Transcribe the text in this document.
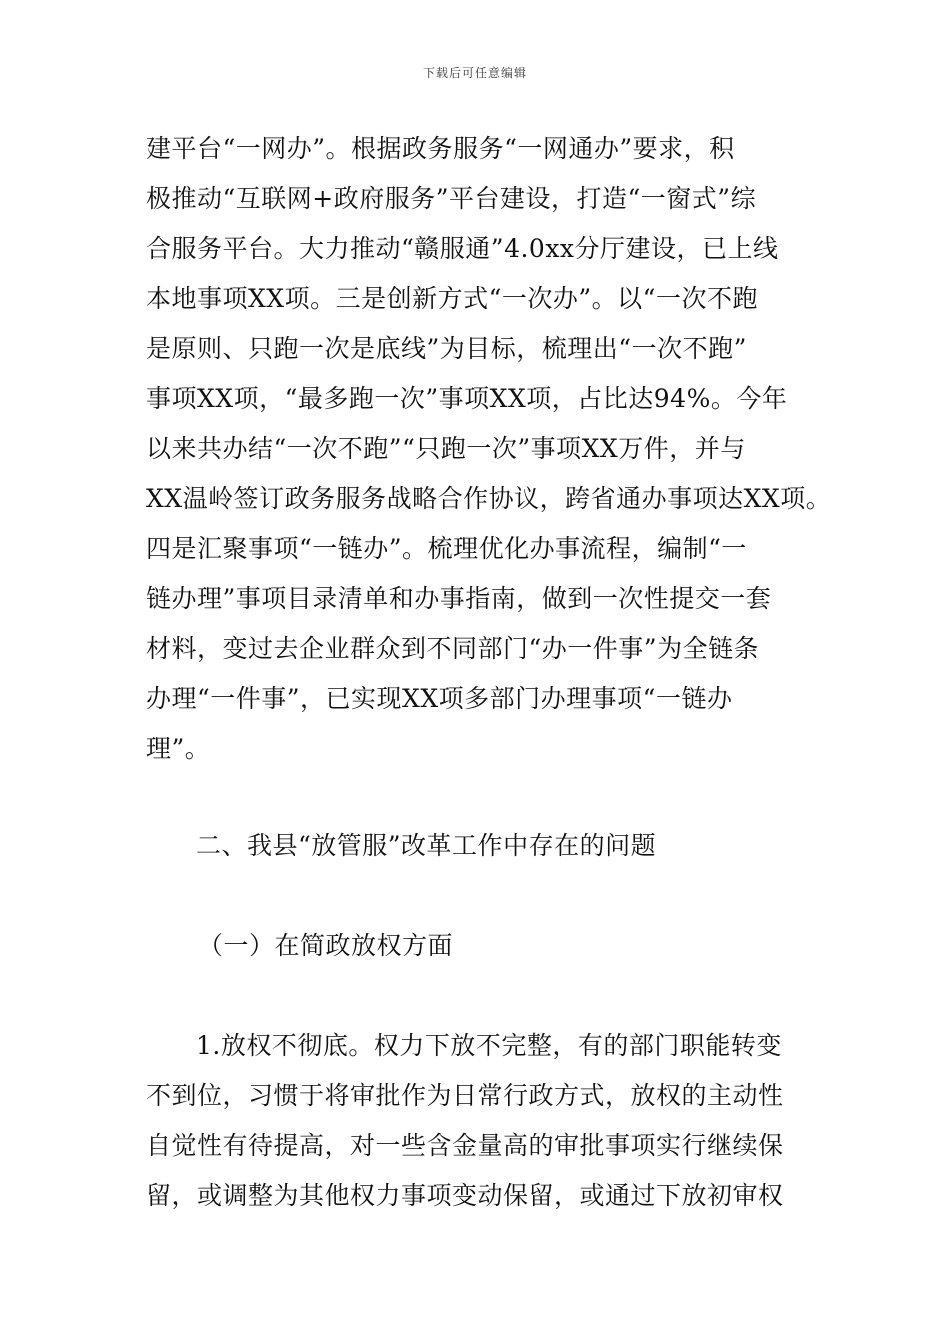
下载后可任意编辑
建平台“一网办”。根据政务服务“一网通办”要求，积
极推动“互联网+政府服务”平台建设，打造“一窗式”综
合服务平台。大力推动“赣服通”4.0xx分厅建设，已上线
本地事项XX项。三是创新方式“一次办”。以“一次不跑
是原则、只跑一次是底线”为目标，梳理出“一次不跑”
事项XX项，“最多跑一次”事项XX项，占比达94%。今年
以来共办结“一次不跑”“只跑一次”事项XX万件，并与
XX温岭签订政务服务战略合作协议，跨省通办事项达XX项。
四是汇聚事项“一链办”。梳理优化办事流程，编制“一
链办理”事项目录清单和办事指南，做到一次性提交一套
材料，变过去企业群众到不同部门“办一件事”为全链条
办理“一件事”，已实现XX项多部门办理事项“一链办
理”。
二、我县“放管服”改革工作中存在的问题
（一）在简政放权方面
1.放权不彻底。权力下放不完整，有的部门职能转变
不到位，习惯于将审批作为日常行政方式，放权的主动性
自觉性有待提高，对一些含金量高的审批事项实行继续保
留，或调整为其他权力事项变动保留，或通过下放初审权
